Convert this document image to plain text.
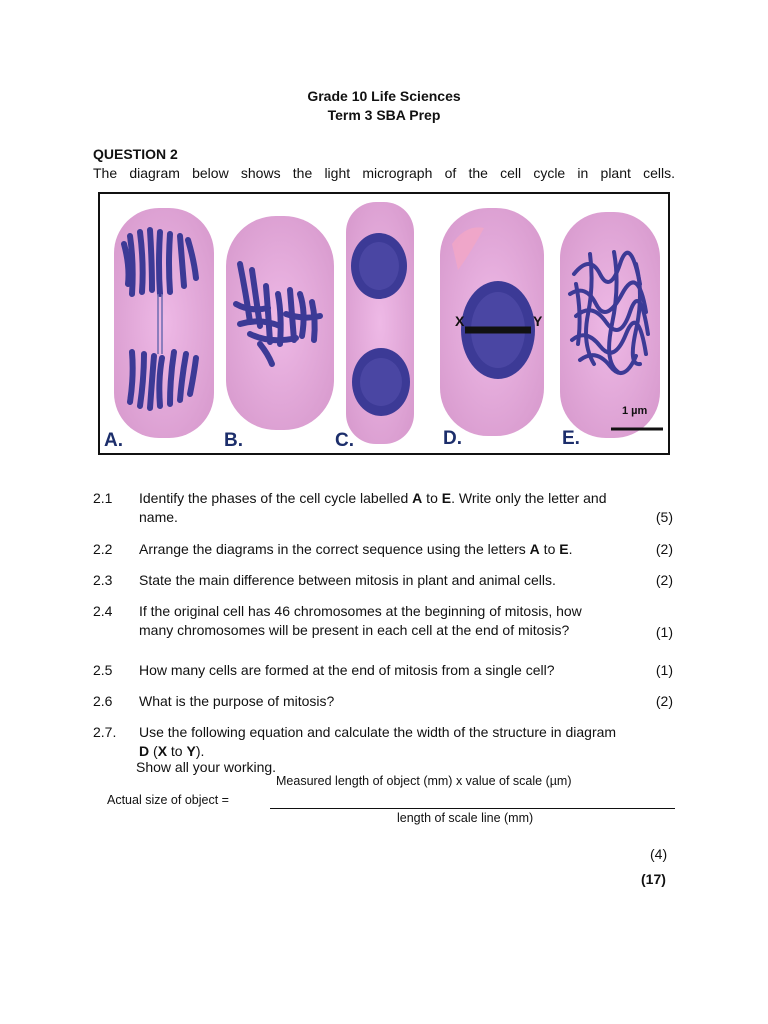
Grade 10 Life Sciences
Term 3 SBA Prep
QUESTION 2
The diagram below shows the light micrograph of the cell cycle in plant cells.
A.	B.	C.	D.	E.
X	Y
1 µm
2.1 Identify the phases of the cell cycle labelled A to E. Write only the letter and
name.	(5)
2.2 Arrange the diagrams in the correct sequence using the letters A to E.	(2)
2.3 State the main difference between mitosis in plant and animal cells.	(2)
2.4 If the original cell has 46 chromosomes at the beginning of mitosis, how
many chromosomes will be present in each cell at the end of mitosis?	(1)
2.5 How many cells are formed at the end of mitosis from a single cell?	(1)
2.6 What is the purpose of mitosis?	(2)
2.7. Use the following equation and calculate the width of the structure in diagram
D (X to Y).
Show all your working.
Actual size of object =
Measured length of object (mm) x value of scale (µm)
length of scale line (mm)
(4)
(17)
